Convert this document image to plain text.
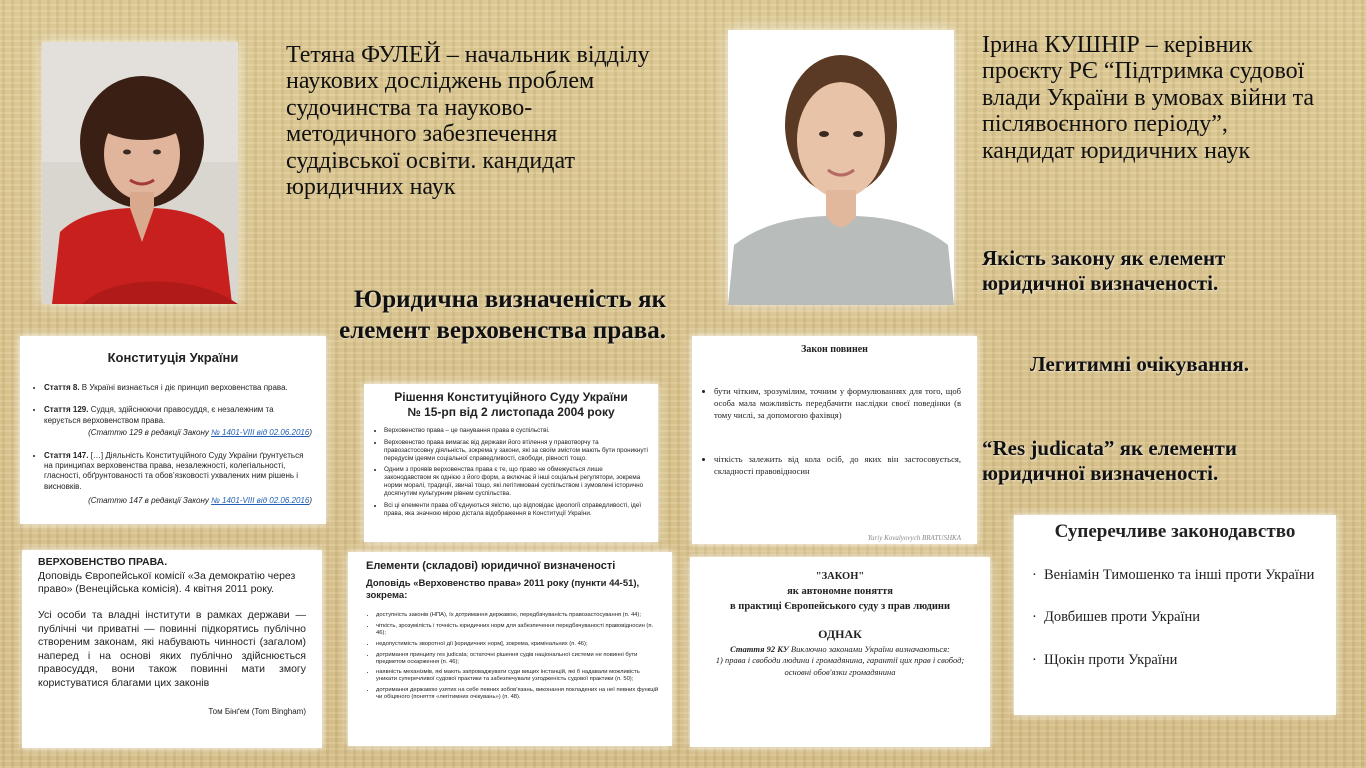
Тетяна ФУЛЕЙ – начальник відділу наукових досліджень проблем судочинства та науково-методичного забезпечення суддівської освіти. кандидат юридичних наук
Юридична визначеність як елемент верховенства права.
Ірина КУШНІР – керівник проєкту РЄ “Підтримка судової влади України в умовах війни та післявоєнного періоду”, кандидат юридичних наук
Якість закону як елемент юридичної визначеності.
Легитимні очікування.
“Res judicata” як елементи юридичної визначеності.
Конституція України
• Стаття 8. В Україні визнається і діє принцип верховенства права.
• Стаття 129. Судця, здійснюючи правосуддя, є незалежним та керується верховенством права.
(Статтю 129 в редакції Закону № 1401-VIII від 02.06.2016)
• Стаття 147. […] Діяльність Конституційного Суду України ґрунтується на принципах верховенства права, незалежності, колегіальності, гласності, обґрунтованості та обов’язковості ухвалених ним рішень і висновків.
(Статтю 147 в редакції Закону № 1401-VIII від 02.06.2016)
Рішення Конституційного Суду України
№ 15-рп від 2 листопада 2004 року
• Верховенство права – це панування права в суспільстві.
• Верховенство права вимагає від держави його втілення у правотворчу та правозастосовну діяльність, зокрема у закони, які за своїм змістом мають бути проникнуті передусім ідеями соціальної справедливості, свободи, рівності тощо.
• Одним з проявів верховенства права є те, що право не обмежується лише законодавством як однією з його форм, а включає й інші соціальні регулятори, зокрема норми моралі, традиції, звичаї тощо, які легітимовані суспільством і зумовлені історично досягнутим культурним рівнем суспільства.
• Всі ці елементи права об’єднуються якістю, що відповідає ідеології справедливості, ідеї права, яка значною мірою дістала відображення в Конституції України.
Закон повинен
• бути чітким, зрозумілим, точним у формулюваннях для того, щоб особа мала можливість передбачити наслідки своєї поведінки (в тому числі, за допомогою фахівця)
• чіткість залежить від кола осіб, до яких він застосовується, складності правовідносин
Yuriy Kovalyovych BRATUSHKA
ВЕРХОВЕНСТВО ПРАВА.
Доповідь Європейської комісії «За демократію через право» (Венеційська комісія). 4 квітня 2011 року.
Усі особи та владні інститути в рамках держави — публічні чи приватні — повинні підкорятись публічно створеним законам, які набувають чинності (загалом) наперед і на основі яких публічно здійснюється правосуддя, вони також повинні мати змогу користуватися благами цих законів
Том Бінґем (Tom Bingham)
Елементи (складові) юридичної визначеності
Доповідь «Верховенство права» 2011 року (пункти 44-51), зокрема:
• доступність законів (НПА), їх дотримання державою, передбачуваність правозастосування (п. 44);
• чіткість, зрозумілість і точність юридичних норм для забезпечення передбачуваності правовідносин (п. 46);
• недопустимість зворотної дії [юридичних норм], зокрема, кримінальних (п. 46);
• дотримання принципу res judicata; остаточні рішення судів національної системи не повинні бути предметом оскарження (п. 46);
• наявність механізмів, які мають запроваджувати суди вищих інстанцій, які б надавали можливість уникати суперечливої судової практики та забезпечували узгодженість судової практики (п. 50);
• дотримання державою узятих на себе певних зобов’язань, виконання покладених на неї певних функцій чи обіцяного (поняття «легітимних очікувань») (п. 48).
"ЗАКОН"
як автономне поняття
в практиці Європейського суду з прав людини
ОДНАК
Стаття 92 КУ Виключно законами України визначаються:
1) права і свободи людини і громадянина, гарантії цих прав і свобод;
основні обов'язки громадянина
Суперечливе законодавство
· Веніамін Тимошенко та інші проти України
· Довбишев проти України
· Щокін проти України
